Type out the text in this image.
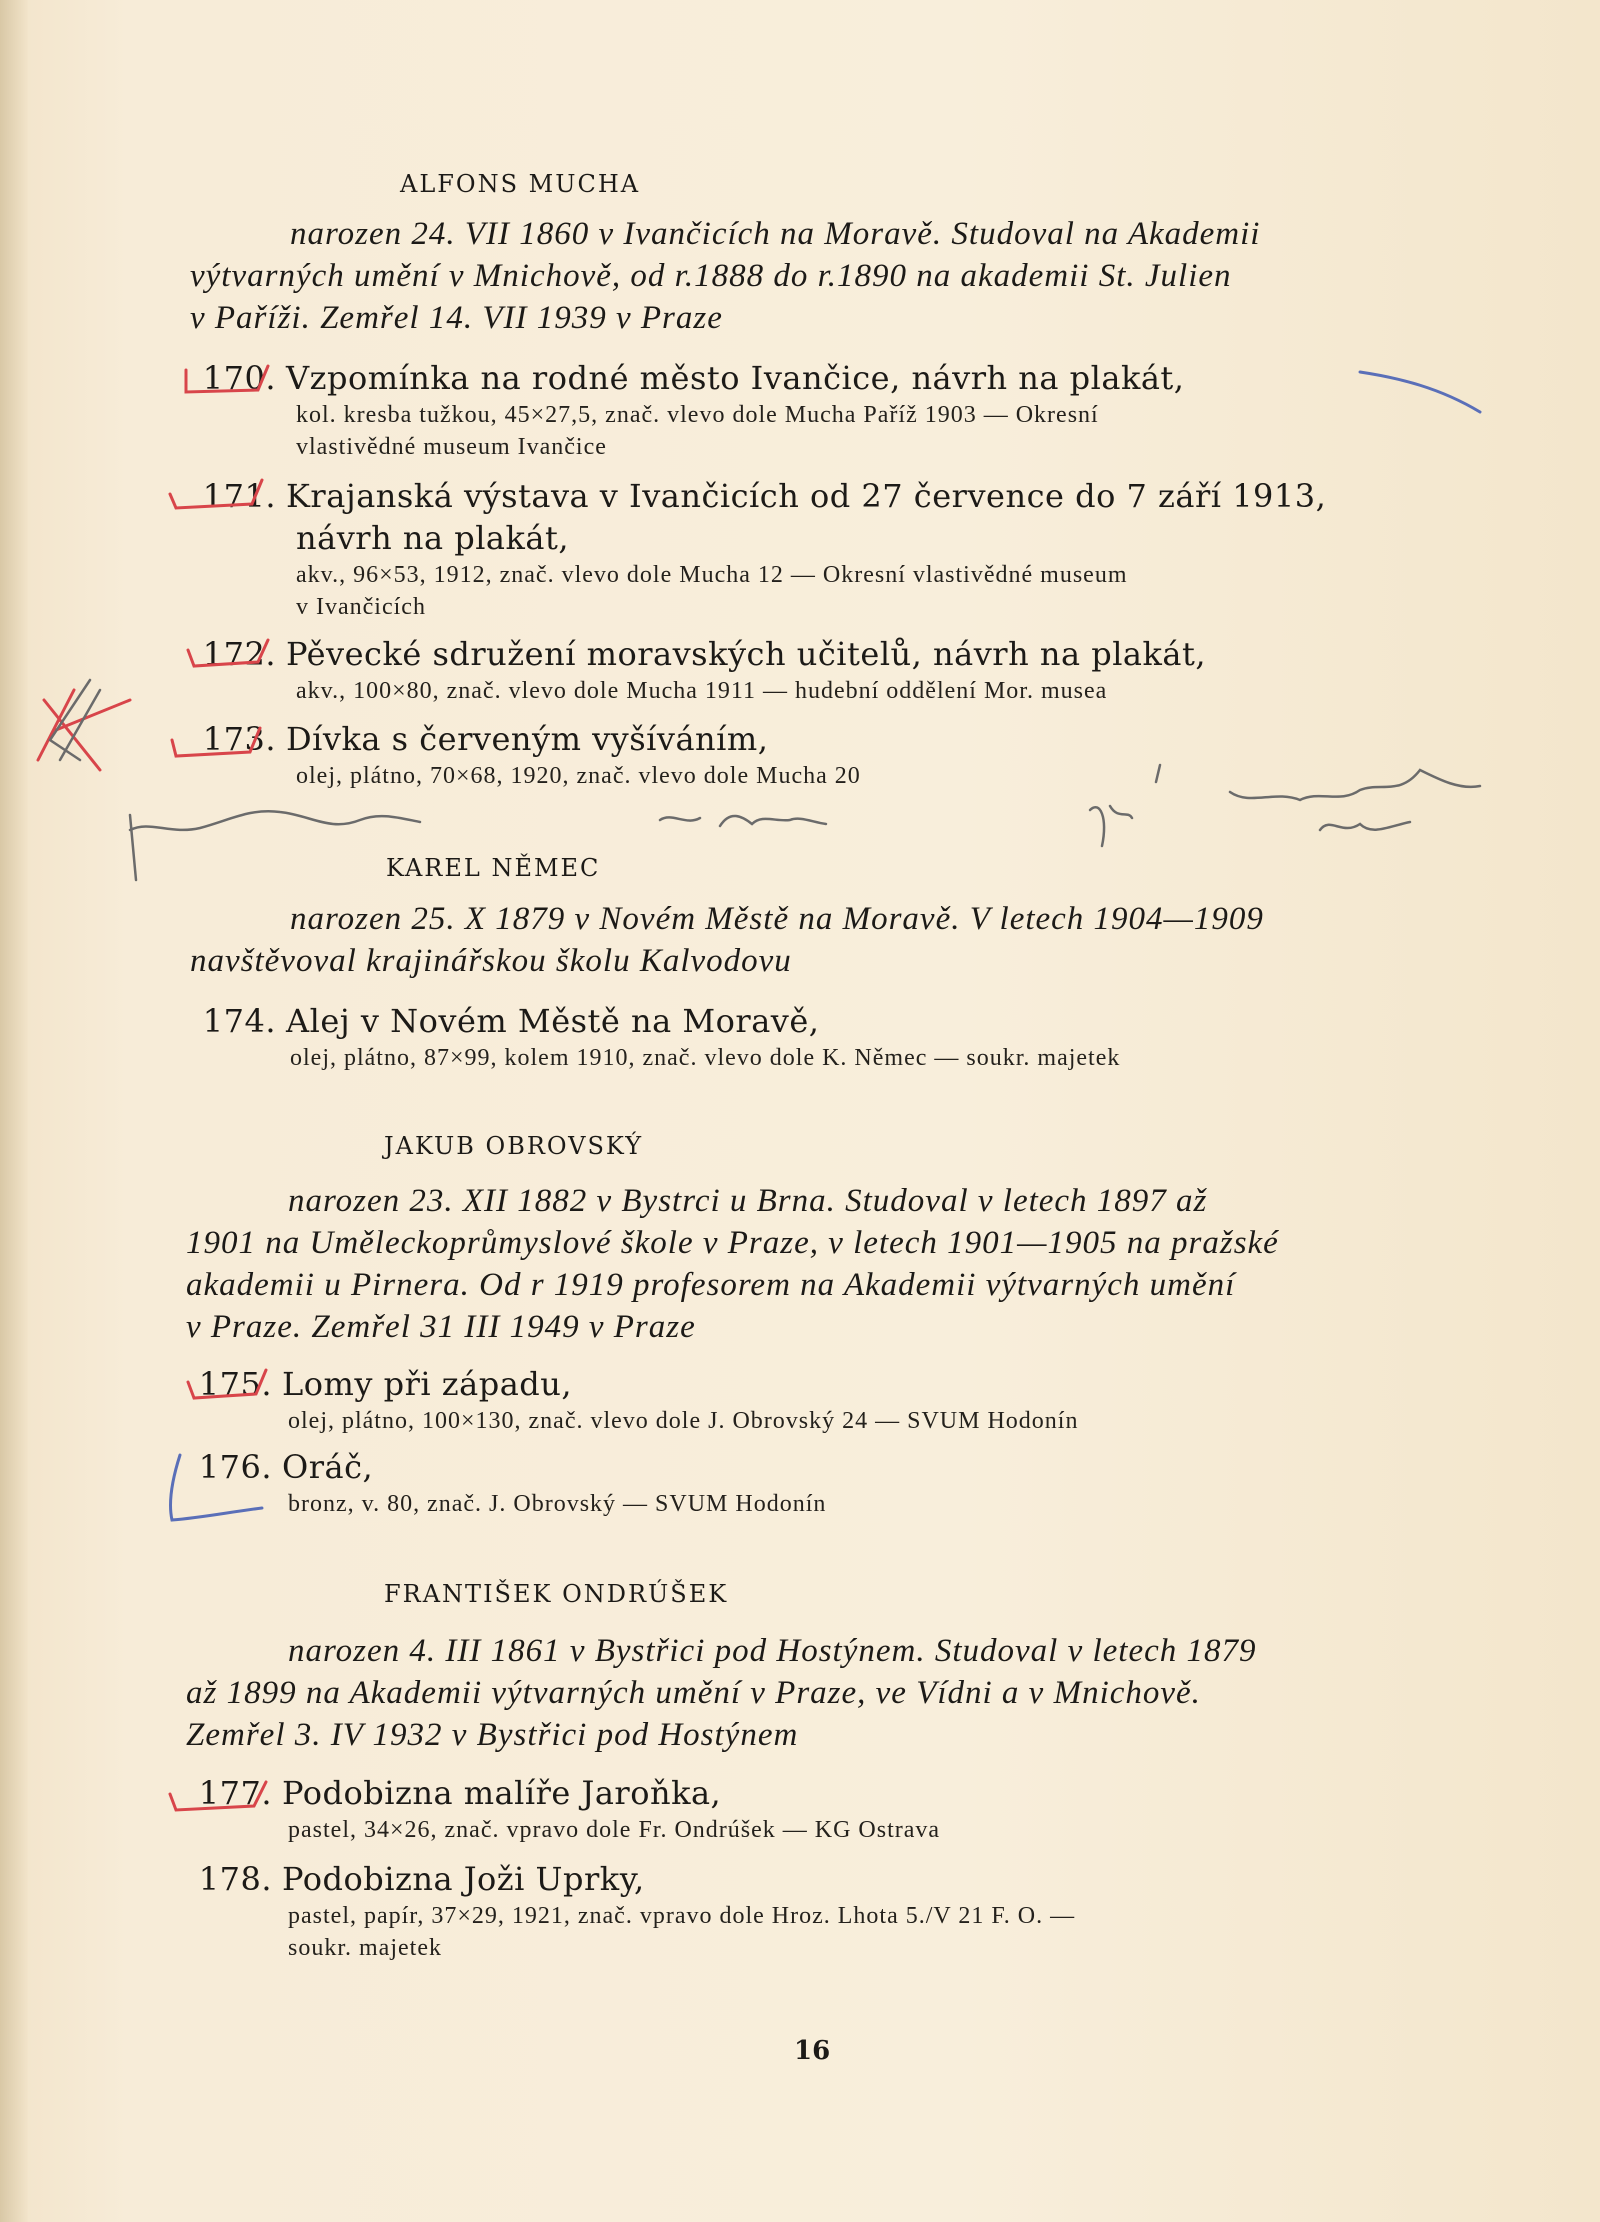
ALFONS MUCHA
narozen 24. VII 1860 v Ivančicích na Moravě. Studoval na Akademii
výtvarných umění v Mnichově, od r.1888 do r.1890 na akademii St. Julien
v Paříži. Zemřel 14. VII 1939 v Praze
170. Vzpomínka na rodné město Ivančice, návrh na plakát,
kol. kresba tužkou, 45×27,5, znač. vlevo dole Mucha Paříž 1903 — Okresní
vlastivědné museum Ivančice
171. Krajanská výstava v Ivančicích od 27 července do 7 září 1913,
návrh na plakát,
akv., 96×53, 1912, znač. vlevo dole Mucha 12 — Okresní vlastivědné museum
v Ivančicích
172. Pěvecké sdružení moravských učitelů, návrh na plakát,
akv., 100×80, znač. vlevo dole Mucha 1911 — hudební oddělení Mor. musea
173. Dívka s červeným vyšíváním,
olej, plátno, 70×68, 1920, znač. vlevo dole Mucha 20
KAREL NĚMEC
narozen 25. X 1879 v Novém Městě na Moravě. V letech 1904—1909
navštěvoval krajinářskou školu Kalvodovu
174. Alej v Novém Městě na Moravě,
olej, plátno, 87×99, kolem 1910, znač. vlevo dole K. Němec — soukr. majetek
JAKUB OBROVSKÝ
narozen 23. XII 1882 v Bystrci u Brna. Studoval v letech 1897 až
1901 na Uměleckoprůmyslové škole v Praze, v letech 1901—1905 na pražské
akademii u Pirnera. Od r 1919 profesorem na Akademii výtvarných umění
v Praze. Zemřel 31 III 1949 v Praze
175. Lomy při západu,
olej, plátno, 100×130, znač. vlevo dole J. Obrovský 24 — SVUM Hodonín
176. Oráč,
bronz, v. 80, znač. J. Obrovský — SVUM Hodonín
FRANTIŠEK ONDRÚŠEK
narozen 4. III 1861 v Bystřici pod Hostýnem. Studoval v letech 1879
až 1899 na Akademii výtvarných umění v Praze, ve Vídni a v Mnichově.
Zemřel 3. IV 1932 v Bystřici pod Hostýnem
177. Podobizna malíře Jaroňka,
pastel, 34×26, znač. vpravo dole Fr. Ondrúšek — KG Ostrava
178. Podobizna Joži Uprky,
pastel, papír, 37×29, 1921, znač. vpravo dole Hroz. Lhota 5./V 21 F. O. —
soukr. majetek
16
